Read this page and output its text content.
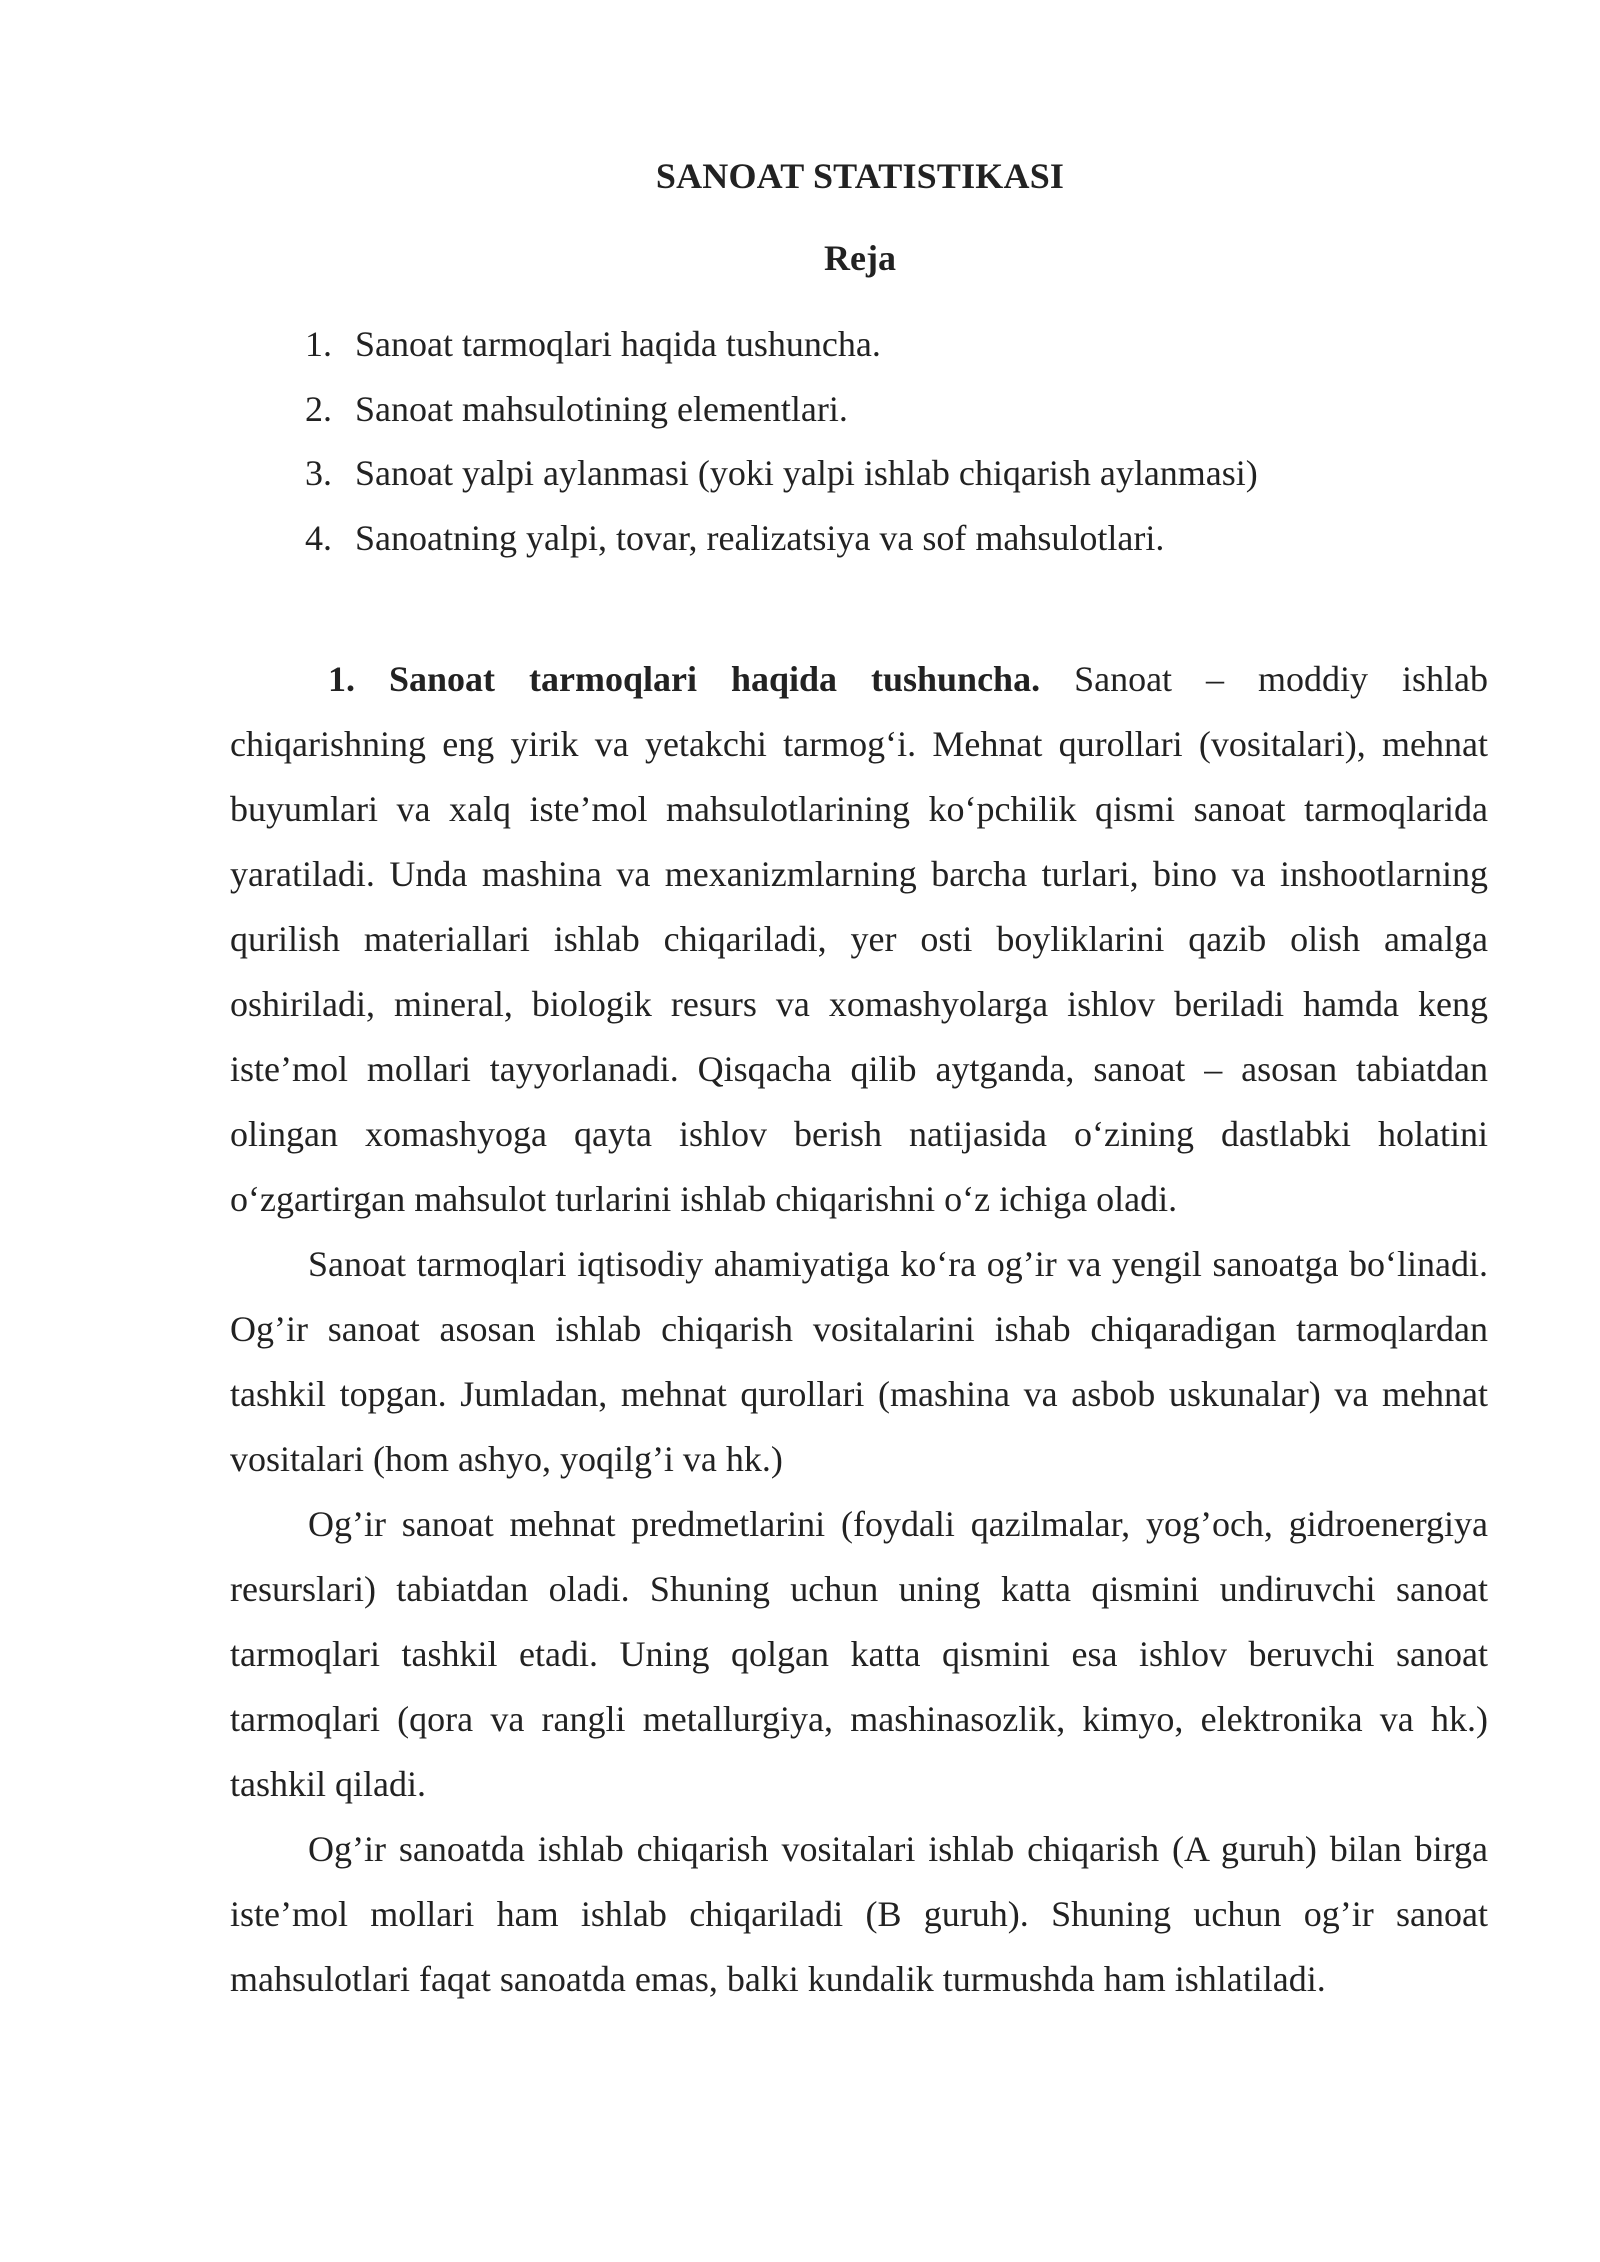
SANOAT STATISTIKASI
Reja
1. Sanoat tarmoqlari haqida tushuncha.
2. Sanoat mahsulotining elementlari.
3. Sanoat yalpi aylanmasi (yoki yalpi ishlab chiqarish aylanmasi)
4. Sanoatning yalpi, tovar, realizatsiya va sof mahsulotlari.

1. Sanoat tarmoqlari haqida tushuncha. Sanoat – moddiy ishlab chiqarishning eng yirik va yetakchi tarmog‘i. Mehnat qurollari (vositalari), mehnat buyumlari va xalq iste’mol mahsulotlarining ko‘pchilik qismi sanoat tarmoqlarida yaratiladi. Unda mashina va mexanizmlarning barcha turlari, bino va inshootlarning qurilish materiallari ishlab chiqariladi, yer osti boyliklarini qazib olish amalga oshiriladi, mineral, biologik resurs va xomashyolarga ishlov beriladi hamda keng iste’mol mollari tayyorlanadi. Qisqacha qilib aytganda, sanoat – asosan tabiatdan olingan xomashyoga qayta ishlov berish natijasida o‘zining dastlabki holatini o‘zgartirgan mahsulot turlarini ishlab chiqarishni o‘z ichiga oladi.

Sanoat tarmoqlari iqtisodiy ahamiyatiga ko‘ra og’ir va yengil sanoatga bo‘linadi. Og’ir sanoat asosan ishlab chiqarish vositalarini ishab chiqaradigan tarmoqlardan tashkil topgan. Jumladan, mehnat qurollari (mashina va asbob uskunalar) va mehnat vositalari (hom ashyo, yoqilg’i va hk.)

Og’ir sanoat mehnat predmetlarini (foydali qazilmalar, yog’och, gidroenergiya resurslari) tabiatdan oladi. Shuning uchun uning katta qismini undiruvchi sanoat tarmoqlari tashkil etadi. Uning qolgan katta qismini esa ishlov beruvchi sanoat tarmoqlari (qora va rangli metallurgiya, mashinasozlik, kimyo, elektronika va hk.) tashkil qiladi.

Og’ir sanoatda ishlab chiqarish vositalari ishlab chiqarish (A guruh) bilan birga iste’mol mollari ham ishlab chiqariladi (B guruh). Shuning uchun og’ir sanoat mahsulotlari faqat sanoatda emas, balki kundalik turmushda ham ishlatiladi.
